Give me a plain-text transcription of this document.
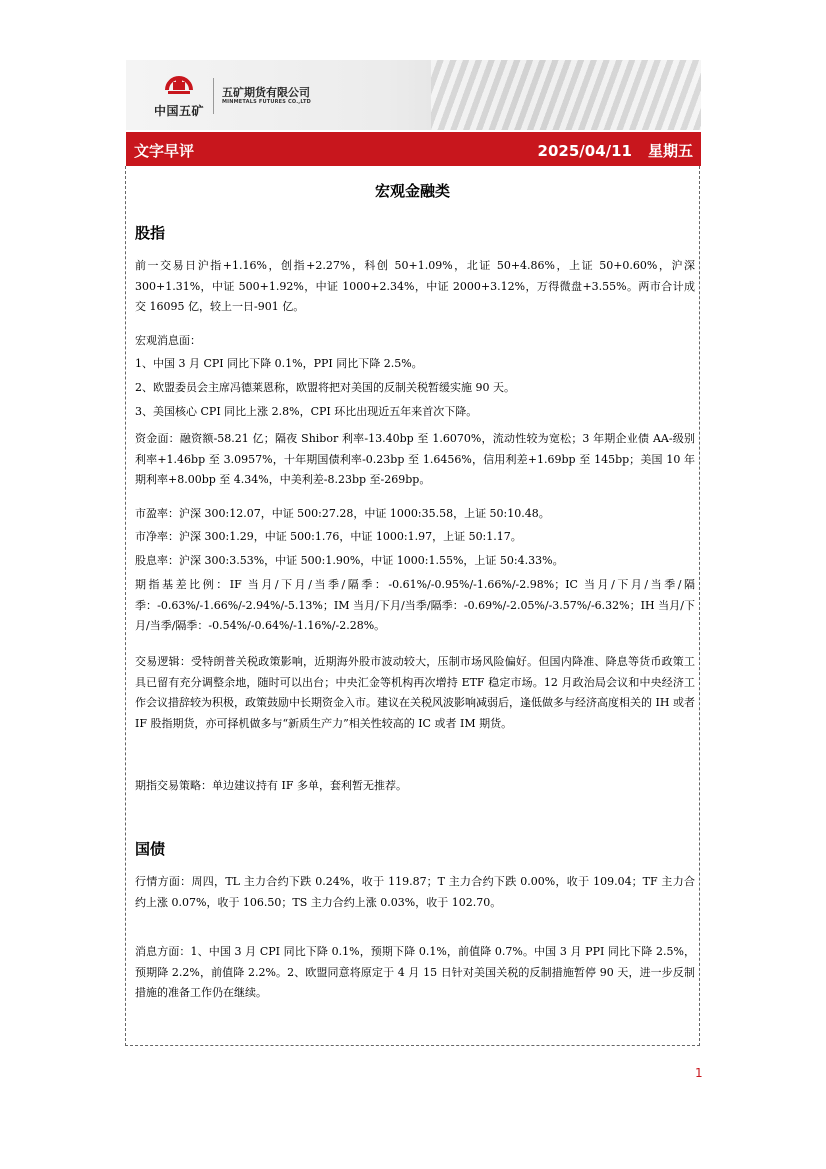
中国五矿
五矿期货有限公司
MINMETALS FUTURES CO.,LTD
文字早评	2025/04/11 星期五
宏观金融类
股指
前一交易日沪指+1.16%，创指+2.27%，科创 50+1.09%，北证 50+4.86%，上证 50+0.60%，沪深 300+1.31%，中证 500+1.92%，中证 1000+2.34%，中证 2000+3.12%，万得微盘+3.55%。两市合计成交 16095 亿，较上一日-901 亿。
宏观消息面：
1、中国 3 月 CPI 同比下降 0.1%，PPI 同比下降 2.5%。
2、欧盟委员会主席冯德莱恩称，欧盟将把对美国的反制关税暂缓实施 90 天。
3、美国核心 CPI 同比上涨 2.8%，CPI 环比出现近五年来首次下降。
资金面：融资额-58.21 亿；隔夜 Shibor 利率-13.40bp 至 1.6070%，流动性较为宽松；3 年期企业债 AA-级别利率+1.46bp 至 3.0957%，十年期国债利率-0.23bp 至 1.6456%，信用利差+1.69bp 至 145bp；美国 10 年期利率+8.00bp 至 4.34%，中美利差-8.23bp 至-269bp。
市盈率：沪深 300:12.07，中证 500:27.28，中证 1000:35.58，上证 50:10.48。
市净率：沪深 300:1.29，中证 500:1.76，中证 1000:1.97，上证 50:1.17。
股息率：沪深 300:3.53%，中证 500:1.90%，中证 1000:1.55%，上证 50:4.33%。
期指基差比例：IF 当月/下月/当季/隔季：-0.61%/-0.95%/-1.66%/-2.98%；IC 当月/下月/当季/隔季：-0.63%/-1.66%/-2.94%/-5.13%；IM 当月/下月/当季/隔季：-0.69%/-2.05%/-3.57%/-6.32%；IH 当月/下月/当季/隔季：-0.54%/-0.64%/-1.16%/-2.28%。
交易逻辑：受特朗普关税政策影响，近期海外股市波动较大，压制市场风险偏好。但国内降准、降息等货币政策工具已留有充分调整余地，随时可以出台；中央汇金等机构再次增持 ETF 稳定市场。12 月政治局会议和中央经济工作会议措辞较为积极，政策鼓励中长期资金入市。建议在关税风波影响减弱后，逢低做多与经济高度相关的 IH 或者 IF 股指期货，亦可择机做多与“新质生产力”相关性较高的 IC 或者 IM 期货。
期指交易策略：单边建议持有 IF 多单，套利暂无推荐。
国债
行情方面：周四，TL 主力合约下跌 0.24%，收于 119.87；T 主力合约下跌 0.00%，收于 109.04；TF 主力合约上涨 0.07%，收于 106.50；TS 主力合约上涨 0.03%，收于 102.70。
消息方面：1、中国 3 月 CPI 同比下降 0.1%，预期下降 0.1%，前值降 0.7%。中国 3 月 PPI 同比下降 2.5%，预期降 2.2%，前值降 2.2%。2、欧盟同意将原定于 4 月 15 日针对美国关税的反制措施暂停 90 天，进一步反制措施的准备工作仍在继续。
1
